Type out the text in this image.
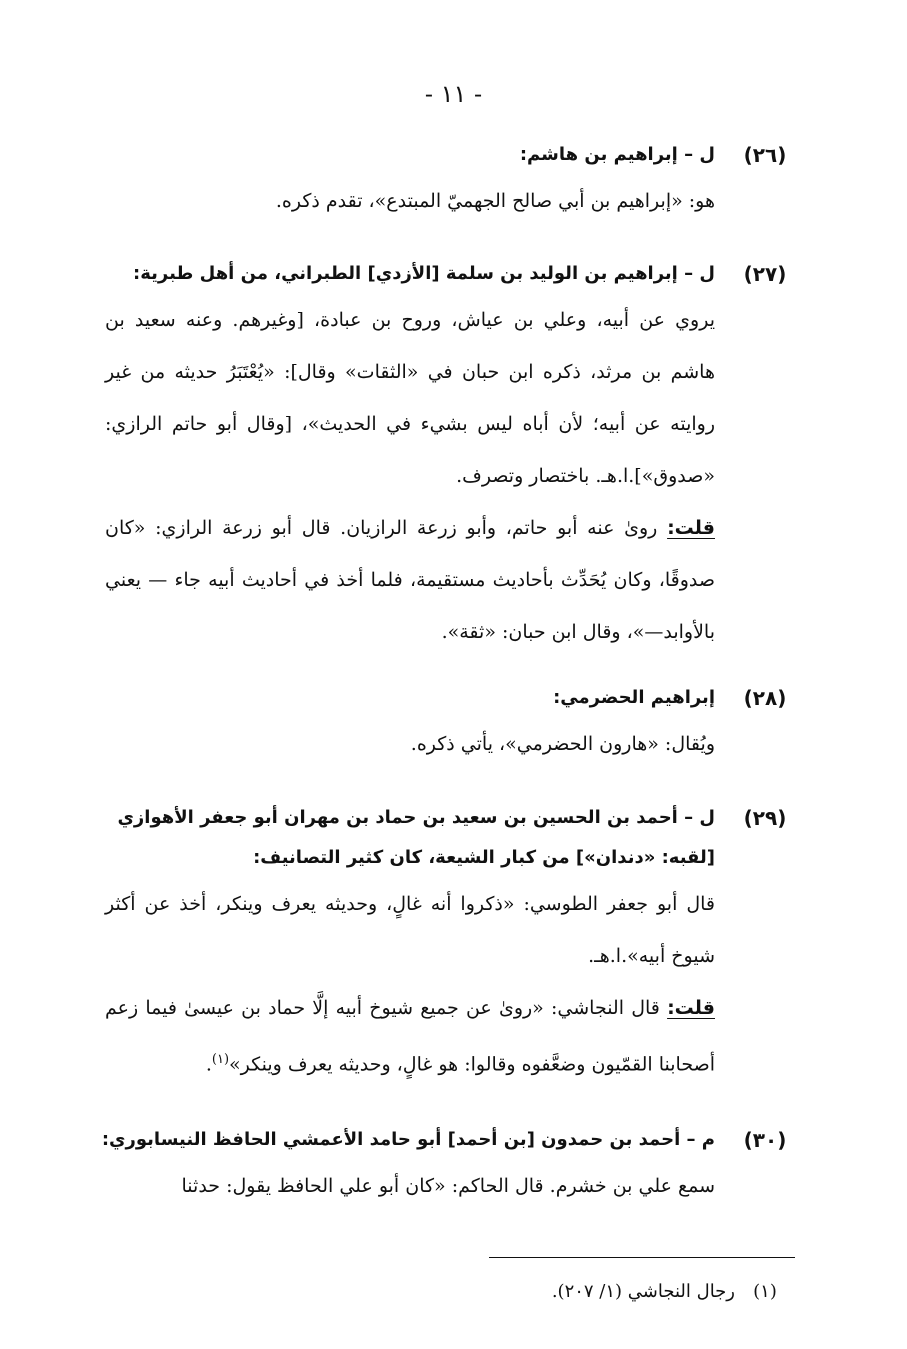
- ١١ -
(٢٦)
ل – إبراهيم بن هاشم:

هو: «إبراهيم بن أبي صالح الجهميّ المبتدع»، تقدم ذكره.

(٢٧)
ل – إبراهيم بن الوليد بن سلمة [الأزدي] الطبراني، من أهل طبرية:

يروي عن أبيه، وعلي بن عياش، وروح بن عبادة، [وغيرهم. وعنه سعيد بن هاشم بن مرثد، ذكره ابن حبان في «الثقات» وقال]: «يُعْتَبَرُ حديثه من غير روايته عن أبيه؛ لأن أباه ليس بشيء في الحديث»، [وقال أبو حاتم الرازي: «صدوق»].ا.هـ. باختصار وتصرف.

قلت: روىٰ عنه أبو حاتم، وأبو زرعة الرازيان. قال أبو زرعة الرازي: «كان صدوقًا، وكان يُحَدِّث بأحاديث مستقيمة، فلما أخذ في أحاديث أبيه جاء — يعني بالأوابد—»، وقال ابن حبان: «ثقة».

(٢٨)
إبراهيم الحضرمي:

ويُقال: «هارون الحضرمي»، يأتي ذكره.

(٢٩)
ل – أحمد بن الحسين بن سعيد بن حماد بن مهران أبو جعفر الأهوازي
[لقبه: «دندان»] من كبار الشيعة، كان كثير التصانيف:

قال أبو جعفر الطوسي: «ذكروا أنه غالٍ، وحديثه يعرف وينكر، أخذ عن أكثر شيوخ أبيه».ا.هـ.

قلت: قال النجاشي: «روىٰ عن جميع شيوخ أبيه إلَّا حماد بن عيسىٰ فيما زعم أصحابنا القمّيون وضعَّفوه وقالوا: هو غالٍ، وحديثه يعرف وينكر»$^{(١)}$.

(٣٠)
م – أحمد بن حمدون [بن أحمد] أبو حامد الأعمشي الحافظ النيسابوري:

سمع علي بن خشرم. قال الحاكم: «كان أبو علي الحافظ يقول: حدثنا

(١)رجال النجاشي (١/ ٢٠٧).
